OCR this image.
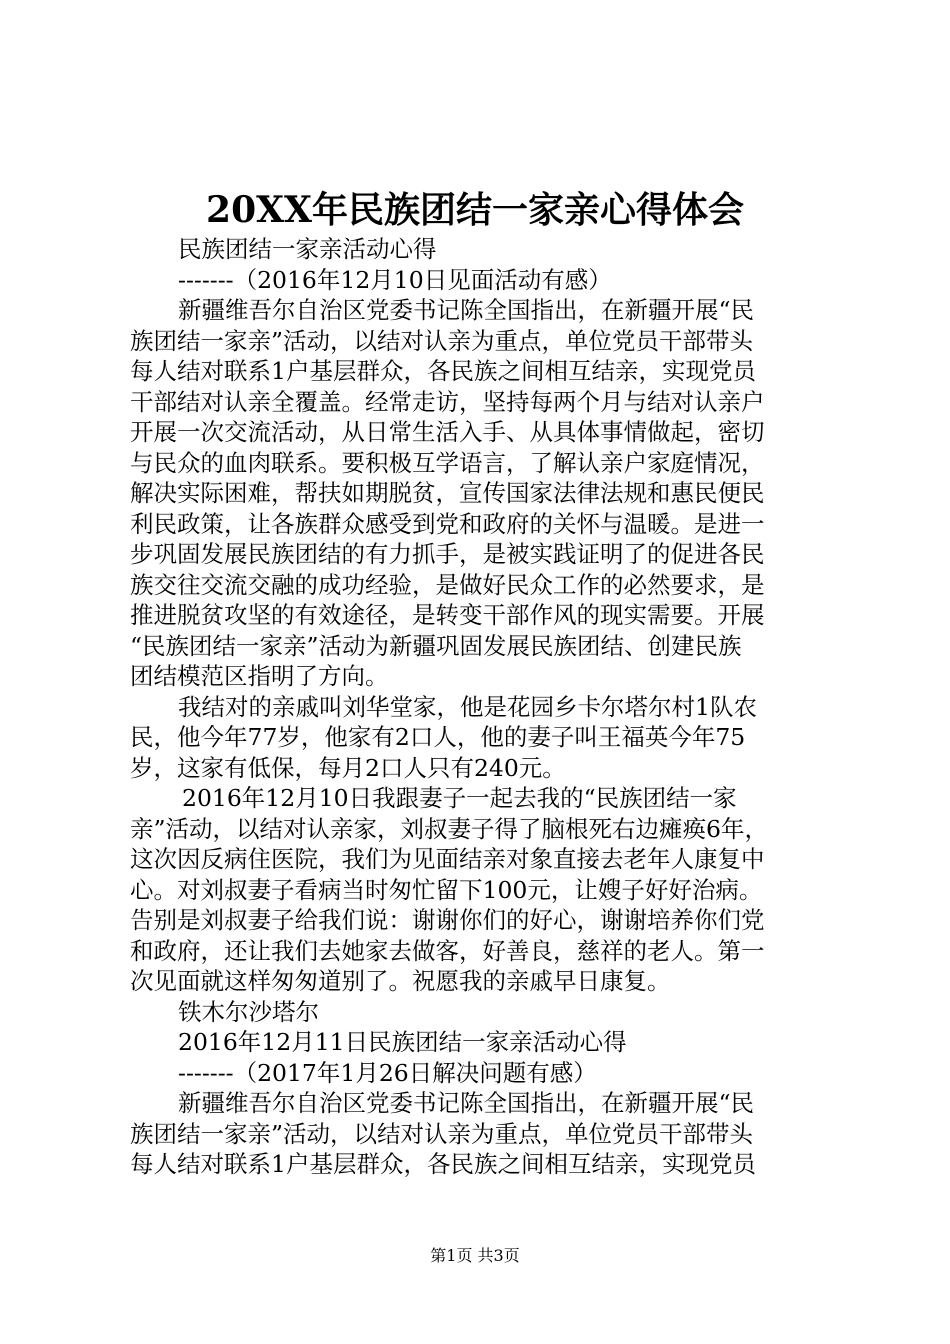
20XX年民族团结一家亲心得体会
民族团结一家亲活动心得
-------（2016年12月10日见面活动有感）
新疆维吾尔自治区党委书记陈全国指出，在新疆开展“民
族团结一家亲”活动，以结对认亲为重点，单位党员干部带头
每人结对联系1户基层群众，各民族之间相互结亲，实现党员
干部结对认亲全覆盖。经常走访，坚持每两个月与结对认亲户
开展一次交流活动，从日常生活入手、从具体事情做起，密切
与民众的血肉联系。要积极互学语言，了解认亲户家庭情况，
解决实际困难，帮扶如期脱贫，宣传国家法律法规和惠民便民
利民政策，让各族群众感受到党和政府的关怀与温暖。是进一
步巩固发展民族团结的有力抓手，是被实践证明了的促进各民
族交往交流交融的成功经验，是做好民众工作的必然要求，是
推进脱贫攻坚的有效途径，是转变干部作风的现实需要。开展
“民族团结一家亲”活动为新疆巩固发展民族团结、创建民族
团结模范区指明了方向。
我结对的亲戚叫刘华堂家，他是花园乡卡尔塔尔村1队农
民，他今年77岁，他家有2口人，他的妻子叫王福英今年75
岁，这家有低保，每月2口人只有240元。
2016年12月10日我跟妻子一起去我的“民族团结一家
亲”活动，以结对认亲家，刘叔妻子得了脑根死右边瘫痪6年，
这次因反病住医院，我们为见面结亲对象直接去老年人康复中
心。对刘叔妻子看病当时匆忙留下100元，让嫂子好好治病。
告别是刘叔妻子给我们说：谢谢你们的好心，谢谢培养你们党
和政府，还让我们去她家去做客，好善良，慈祥的老人。第一
次见面就这样匆匆道别了。祝愿我的亲戚早日康复。
铁木尔沙塔尔
2016年12月11日民族团结一家亲活动心得
-------（2017年1月26日解决问题有感）
新疆维吾尔自治区党委书记陈全国指出，在新疆开展“民
族团结一家亲”活动，以结对认亲为重点，单位党员干部带头
每人结对联系1户基层群众，各民族之间相互结亲，实现党员
第1页 共3页
